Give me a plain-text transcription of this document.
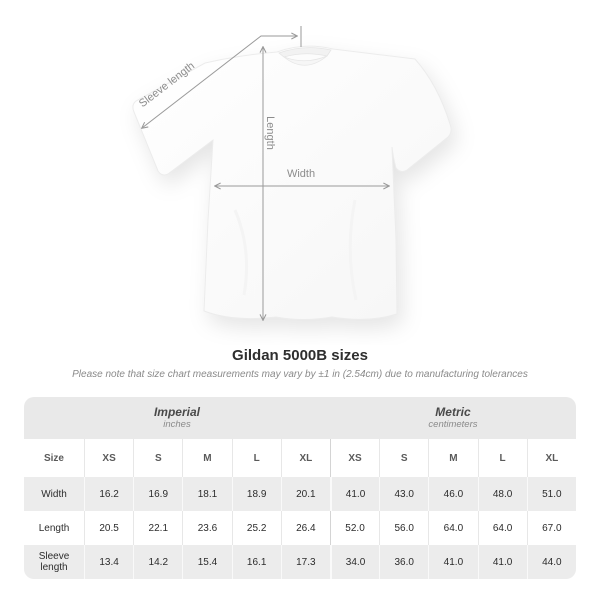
Sleeve length
Length
Width
Gildan 5000B sizes

Please note that size chart measurements may vary by ±1 in (2.54cm) due to manufacturing tolerances

Imperial
inches

Metric
centimeters

Size	XS	S	M	L	XL	XS	S	M	L	XL
Width	16.2	16.9	18.1	18.9	20.1	41.0	43.0	46.0	48.0	51.0
Length	20.5	22.1	23.6	25.2	26.4	52.0	56.0	64.0	64.0	67.0
Sleeve length	13.4	14.2	15.4	16.1	17.3	34.0	36.0	41.0	41.0	44.0
